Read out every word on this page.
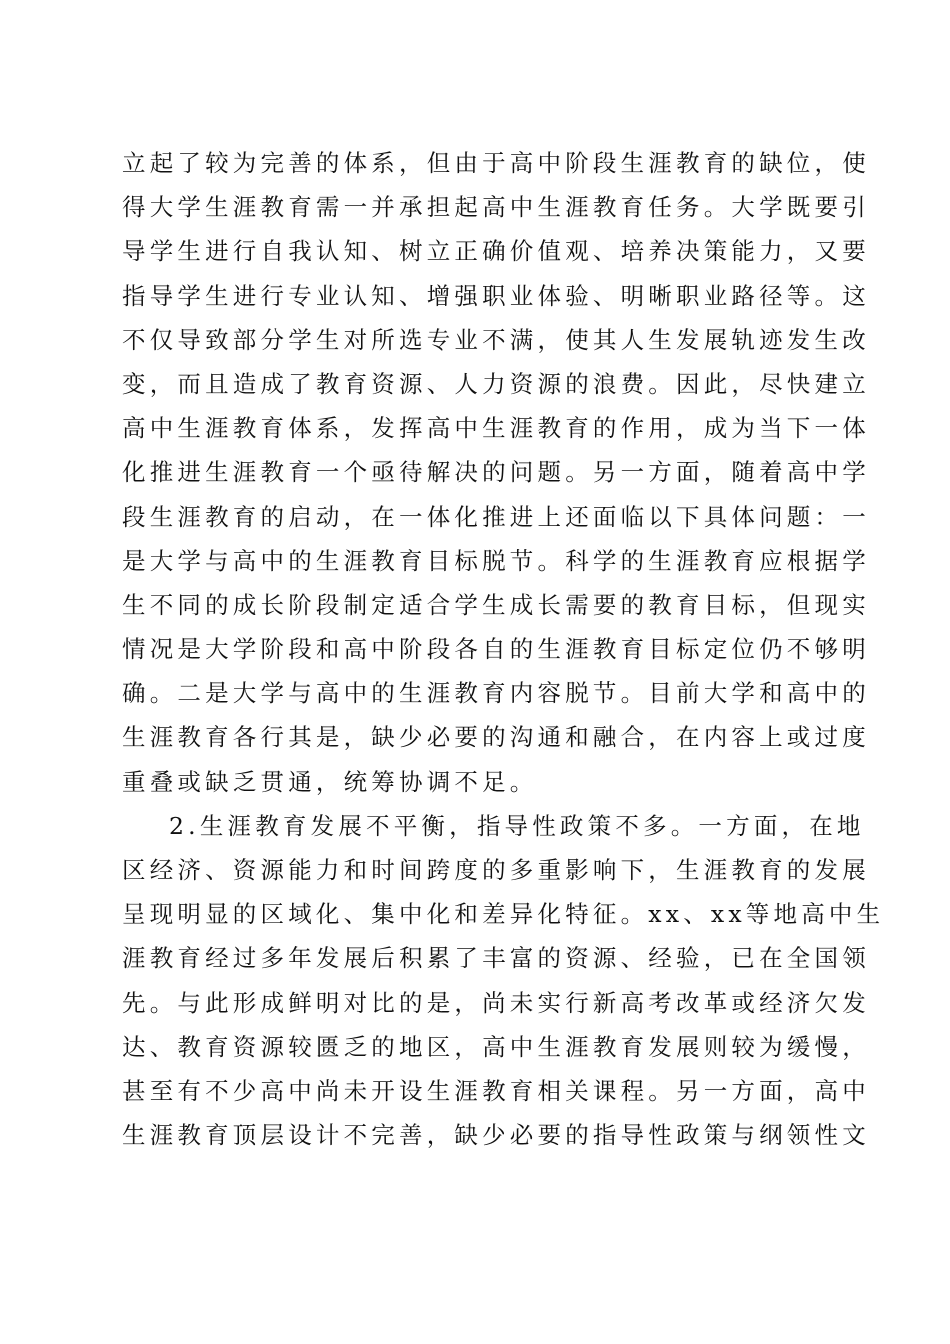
立起了较为完善的体系，但由于高中阶段生涯教育的缺位，使
得大学生涯教育需一并承担起高中生涯教育任务。大学既要引
导学生进行自我认知、树立正确价值观、培养决策能力，又要
指导学生进行专业认知、增强职业体验、明晰职业路径等。这
不仅导致部分学生对所选专业不满，使其人生发展轨迹发生改
变，而且造成了教育资源、人力资源的浪费。因此，尽快建立
高中生涯教育体系，发挥高中生涯教育的作用，成为当下一体
化推进生涯教育一个亟待解决的问题。另一方面，随着高中学
段生涯教育的启动，在一体化推进上还面临以下具体问题：一
是大学与高中的生涯教育目标脱节。科学的生涯教育应根据学
生不同的成长阶段制定适合学生成长需要的教育目标，但现实
情况是大学阶段和高中阶段各自的生涯教育目标定位仍不够明
确。二是大学与高中的生涯教育内容脱节。目前大学和高中的
生涯教育各行其是，缺少必要的沟通和融合，在内容上或过度
重叠或缺乏贯通，统筹协调不足。
2.生涯教育发展不平衡，指导性政策不多。一方面，在地
区经济、资源能力和时间跨度的多重影响下，生涯教育的发展
呈现明显的区域化、集中化和差异化特征。xx、xx等地高中生
涯教育经过多年发展后积累了丰富的资源、经验，已在全国领
先。与此形成鲜明对比的是，尚未实行新高考改革或经济欠发
达、教育资源较匮乏的地区，高中生涯教育发展则较为缓慢，
甚至有不少高中尚未开设生涯教育相关课程。另一方面，高中
生涯教育顶层设计不完善，缺少必要的指导性政策与纲领性文
